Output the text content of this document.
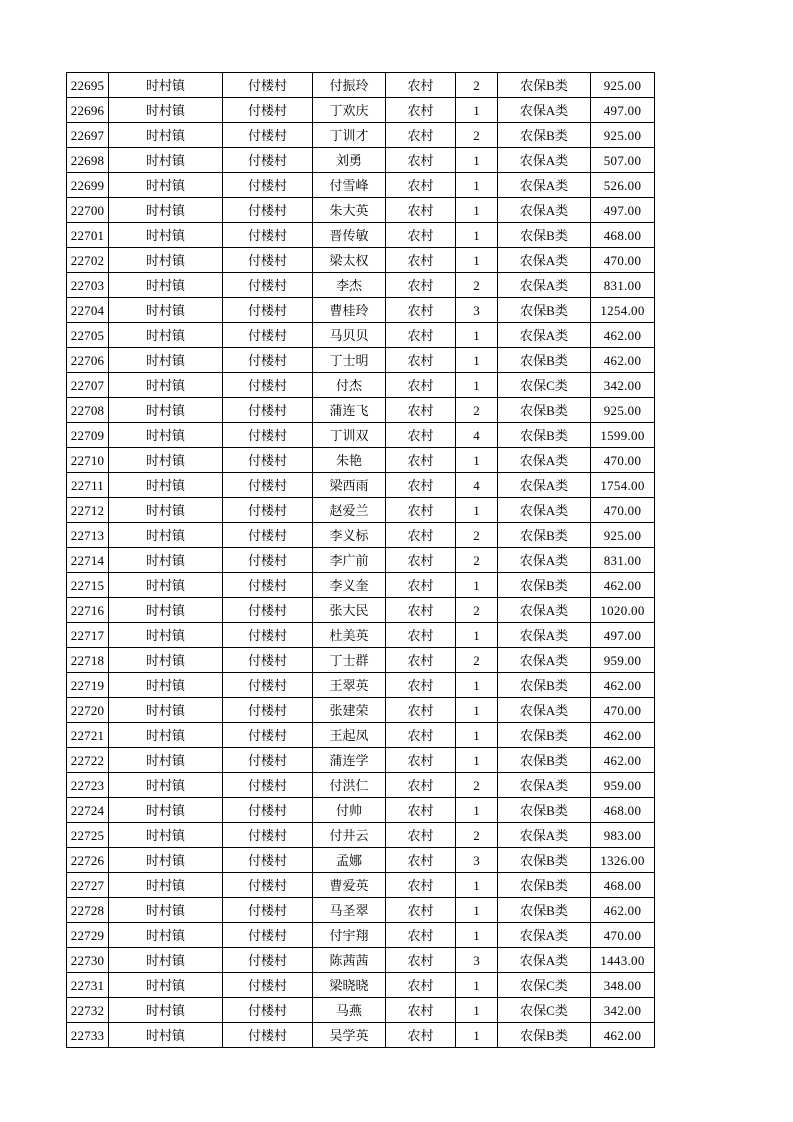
22695	时村镇	付楼村	付振玲	农村	2	农保B类	925.00
22696	时村镇	付楼村	丁欢庆	农村	1	农保A类	497.00
22697	时村镇	付楼村	丁训才	农村	2	农保B类	925.00
22698	时村镇	付楼村	刘勇	农村	1	农保A类	507.00
22699	时村镇	付楼村	付雪峰	农村	1	农保A类	526.00
22700	时村镇	付楼村	朱大英	农村	1	农保A类	497.00
22701	时村镇	付楼村	晋传敏	农村	1	农保B类	468.00
22702	时村镇	付楼村	梁太权	农村	1	农保A类	470.00
22703	时村镇	付楼村	李杰	农村	2	农保A类	831.00
22704	时村镇	付楼村	曹桂玲	农村	3	农保B类	1254.00
22705	时村镇	付楼村	马贝贝	农村	1	农保A类	462.00
22706	时村镇	付楼村	丁士明	农村	1	农保B类	462.00
22707	时村镇	付楼村	付杰	农村	1	农保C类	342.00
22708	时村镇	付楼村	蒲连飞	农村	2	农保B类	925.00
22709	时村镇	付楼村	丁训双	农村	4	农保B类	1599.00
22710	时村镇	付楼村	朱艳	农村	1	农保A类	470.00
22711	时村镇	付楼村	梁西雨	农村	4	农保A类	1754.00
22712	时村镇	付楼村	赵爱兰	农村	1	农保A类	470.00
22713	时村镇	付楼村	李义标	农村	2	农保B类	925.00
22714	时村镇	付楼村	李广前	农村	2	农保A类	831.00
22715	时村镇	付楼村	李义奎	农村	1	农保B类	462.00
22716	时村镇	付楼村	张大民	农村	2	农保A类	1020.00
22717	时村镇	付楼村	杜美英	农村	1	农保A类	497.00
22718	时村镇	付楼村	丁士群	农村	2	农保A类	959.00
22719	时村镇	付楼村	王翠英	农村	1	农保B类	462.00
22720	时村镇	付楼村	张建荣	农村	1	农保A类	470.00
22721	时村镇	付楼村	王起凤	农村	1	农保B类	462.00
22722	时村镇	付楼村	蒲连学	农村	1	农保B类	462.00
22723	时村镇	付楼村	付洪仁	农村	2	农保A类	959.00
22724	时村镇	付楼村	付帅	农村	1	农保B类	468.00
22725	时村镇	付楼村	付井云	农村	2	农保A类	983.00
22726	时村镇	付楼村	孟娜	农村	3	农保B类	1326.00
22727	时村镇	付楼村	曹爱英	农村	1	农保B类	468.00
22728	时村镇	付楼村	马圣翠	农村	1	农保B类	462.00
22729	时村镇	付楼村	付宇翔	农村	1	农保A类	470.00
22730	时村镇	付楼村	陈茜茜	农村	3	农保A类	1443.00
22731	时村镇	付楼村	梁晓晓	农村	1	农保C类	348.00
22732	时村镇	付楼村	马燕	农村	1	农保C类	342.00
22733	时村镇	付楼村	吴学英	农村	1	农保B类	462.00
